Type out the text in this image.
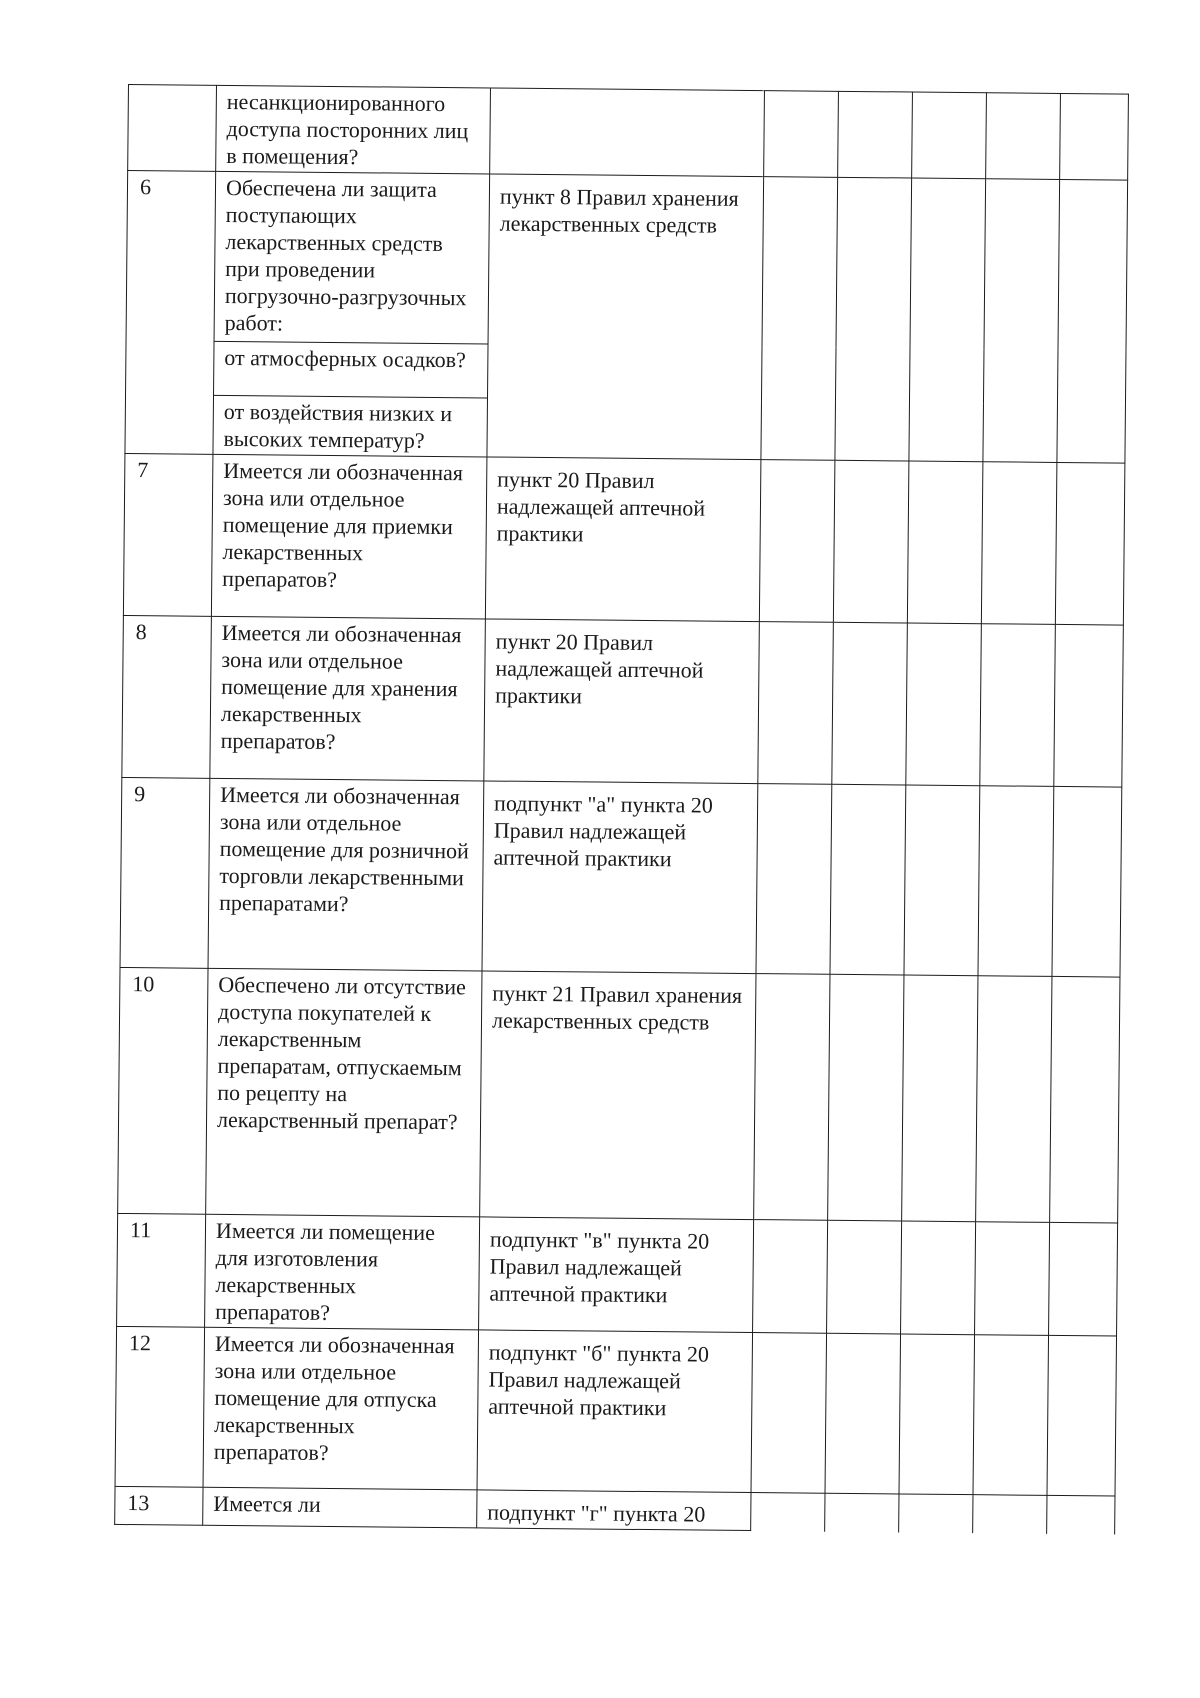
	несанкционированного доступа посторонних лиц в помещения?						
6	Обеспечена ли защита поступающих лекарственных средств при проведении погрузочно-разгрузочных работ:	пункт 8 Правил хранения лекарственных средств					
	от атмосферных осадков?						
	от воздействия низких и высоких температур?						
7	Имеется ли обозначенная зона или отдельное помещение для приемки лекарственных препаратов?	пункт 20 Правил надлежащей аптечной практики					
8	Имеется ли обозначенная зона или отдельное помещение для хранения лекарственных препаратов?	пункт 20 Правил надлежащей аптечной практики					
9	Имеется ли обозначенная зона или отдельное помещение для розничной торговли лекарственными препаратами?	подпункт "а" пункта 20 Правил надлежащей аптечной практики					
10	Обеспечено ли отсутствие доступа покупателей к лекарственным препаратам, отпускаемым по рецепту на лекарственный препарат?	пункт 21 Правил хранения лекарственных средств					
11	Имеется ли помещение для изготовления лекарственных препаратов?	подпункт "в" пункта 20 Правил надлежащей аптечной практики					
12	Имеется ли обозначенная зона или отдельное помещение для отпуска лекарственных препаратов?	подпункт "б" пункта 20 Правил надлежащей аптечной практики					
13	Имеется ли	подпункт "г" пункта 20					
